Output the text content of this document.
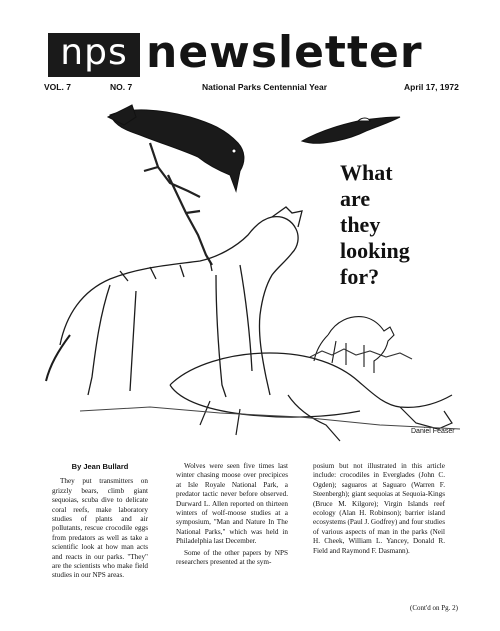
nps newsletter
VOL. 7	NO. 7	National Parks Centennial Year	April 17, 1972
What
are
they
looking
for?
Daniel Feaser

By Jean Bullard

They put transmitters on grizzly bears, climb giant sequoias, scuba dive to delicate coral reefs, make laboratory studies of plants and air pollutants, rescue crocodile eggs from predators as well as take a scientific look at how man acts and reacts in our parks. "They" are the scientists who make field studies in our NPS areas.

Wolves were seen five times last winter chasing moose over precipices at Isle Royale National Park, a predator tactic never before observed. Durward L. Allen reported on thirteen winters of wolf-moose studies at a symposium, "Man and Nature In The National Parks," which was held in Philadelphia last December.

Some of the other papers by NPS researchers presented at the sym-

posium but not illustrated in this article include: crocodiles in Everglades (John C. Ogden); saguaros at Saguaro (Warren F. Steenbergh); giant sequoias at Sequoia-Kings (Bruce M. Kilgore); Virgin Islands reef ecology (Alan H. Robinson); barrier island ecosystems (Paul J. Godfrey) and four studies of various aspects of man in the parks (Neil H. Cheek, William L. Yancey, Donald R. Field and Raymond F. Dasmann).

(Cont'd on Pg. 2)
